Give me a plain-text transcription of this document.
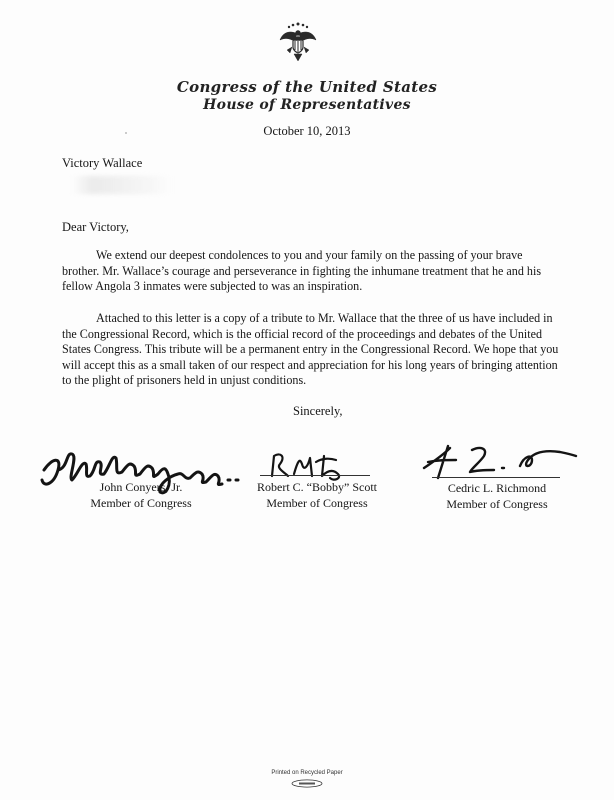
Congress of the United States
House of Representatives
October 10, 2013
Victory Wallace
Dear Victory,

We extend our deepest condolences to you and your family on the passing of your brave brother. Mr. Wallace’s courage and perseverance in fighting the inhumane treatment that he and his fellow Angola 3 inmates were subjected to was an inspiration.

Attached to this letter is a copy of a tribute to Mr. Wallace that the three of us have included in the Congressional Record, which is the official record of the proceedings and debates of the United States Congress. This tribute will be a permanent entry in the Congressional Record. We hope that you will accept this as a small taken of our respect and appreciation for his long years of bringing attention to the plight of prisoners held in unjust conditions.

Sincerely,
John Conyers, Jr.
Member of Congress
Robert C. “Bobby” Scott
Member of Congress
Cedric L. Richmond
Member of Congress
Printed on Recycled Paper
